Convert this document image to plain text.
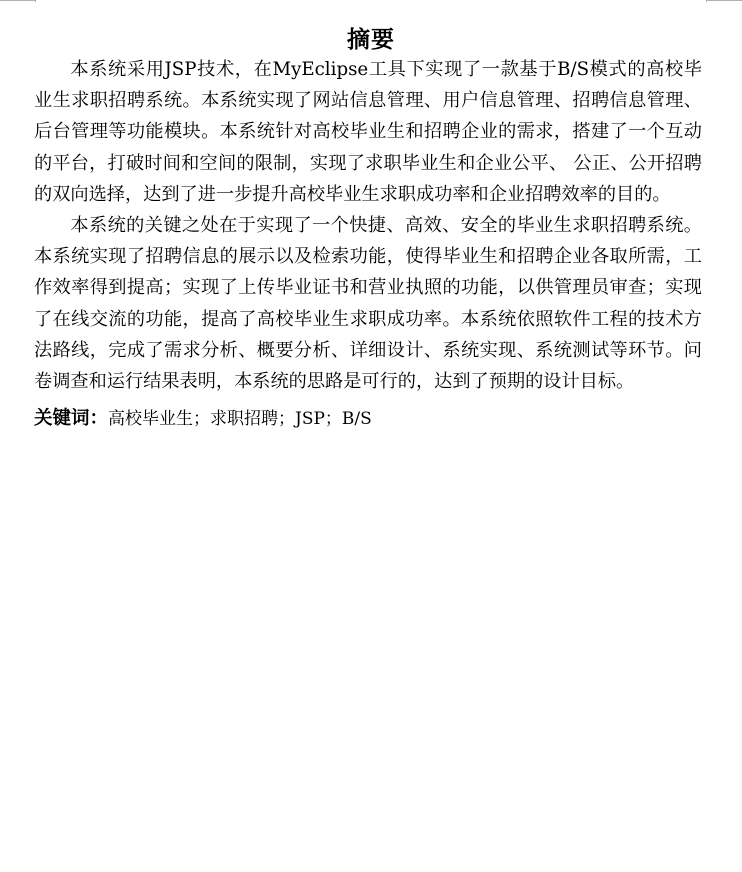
摘要

本系统采用JSP技术，在MyEclipse工具下实现了一款基于B/S模式的高校毕业生求职招聘系统。本系统实现了网站信息管理、用户信息管理、招聘信息管理、后台管理等功能模块。本系统针对高校毕业生和招聘企业的需求，搭建了一个互动的平台，打破时间和空间的限制，实现了求职毕业生和企业公平、 公正、公开招聘的双向选择，达到了进一步提升高校毕业生求职成功率和企业招聘效率的目的。

本系统的关键之处在于实现了一个快捷、高效、安全的毕业生求职招聘系统。本系统实现了招聘信息的展示以及检索功能，使得毕业生和招聘企业各取所需，工作效率得到提高；实现了上传毕业证书和营业执照的功能，以供管理员审查；实现了在线交流的功能，提高了高校毕业生求职成功率。本系统依照软件工程的技术方法路线，完成了需求分析、概要分析、详细设计、系统实现、系统测试等环节。问卷调查和运行结果表明，本系统的思路是可行的，达到了预期的设计目标。

关键词：高校毕业生；求职招聘；JSP；B/S
